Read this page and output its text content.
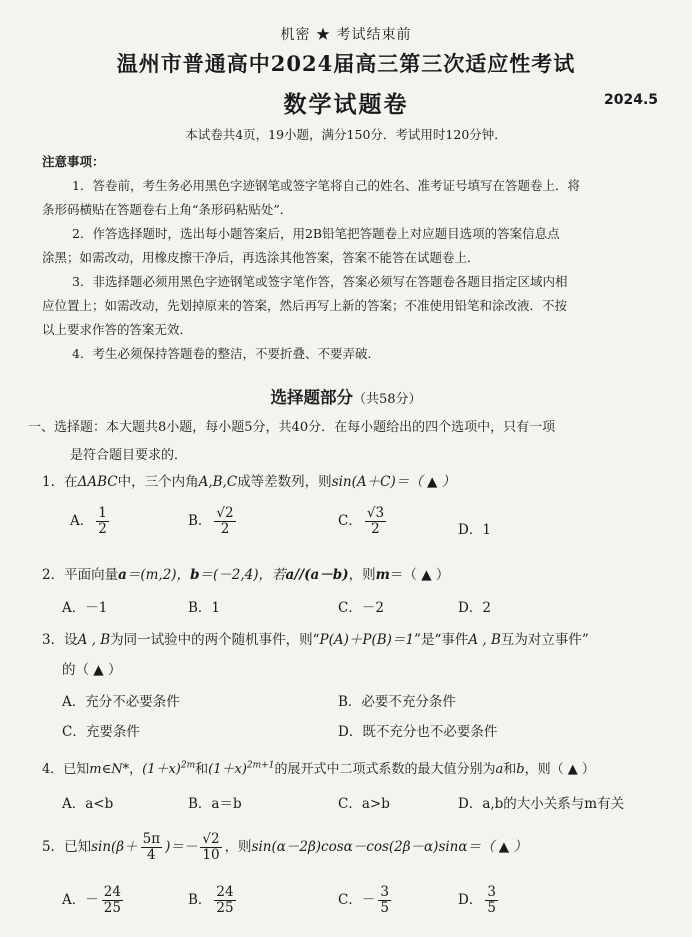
机密 ★ 考试结束前
温州市普通高中2024届高三第三次适应性考试
数学试题卷	2024.5
本试卷共4页，19小题，满分150分．考试用时120分钟．
注意事项：
1．答卷前，考生务必用黑色字迹钢笔或签字笔将自己的姓名、准考证号填写在答题卷上．将
条形码横贴在答题卷右上角“条形码粘贴处”．
2．作答选择题时，选出每小题答案后，用2B铅笔把答题卷上对应题目选项的答案信息点
涂黑；如需改动，用橡皮擦干净后，再选涂其他答案，答案不能答在试题卷上．
3．非选择题必须用黑色字迹钢笔或签字笔作答，答案必须写在答题卷各题目指定区域内相
应位置上；如需改动，先划掉原来的答案，然后再写上新的答案；不准使用铅笔和涂改液．不按
以上要求作答的答案无效．
4．考生必须保持答题卷的整洁，不要折叠、不要弄破．
选择题部分（共58分）
一、选择题：本大题共8小题，每小题5分，共40分．在每小题给出的四个选项中，只有一项
是符合题目要求的．
1．在ΔABC中，三个内角A,B,C成等差数列，则sin(A＋C)＝（ ▲ ）
A． $\frac{1}{2}$	B． $\frac{√2}{2}$	C． $\frac{√3}{2}$	D．1
2．平面向量a＝(m,2)，b＝(－2,4)，若a//(a－b)，则m＝（ ▲ ）
A．－1	B．1	C．－2	D．2
3．设A , B为同一试验中的两个随机事件，则“P(A)＋P(B)＝1”是“事件A , B互为对立事件”
的（ ▲ ）
A．充分不必要条件	B．必要不充分条件
C．充要条件	D．既不充分也不必要条件
4．已知m∈N*，$(1+x)^{2m}$和$(1+x)^{2m+1}$的展开式中二项式系数的最大值分别为a和b，则（ ▲ ）
A．a<b	B．a＝b	C．a>b	D．a,b的大小关系与m有关
5．已知$\sin(\beta+ \frac{5\pi}{4}$ )＝－ $\frac{√2}{10}$ ，则sin(α－2β)cosα－cos(2β－α)sinα＝（ ▲ ）
A．－ $\frac{24}{25}$	B． $\frac{24}{25}$	C．－ $\frac{3}{5}$	D． $\frac{3}{5}$
